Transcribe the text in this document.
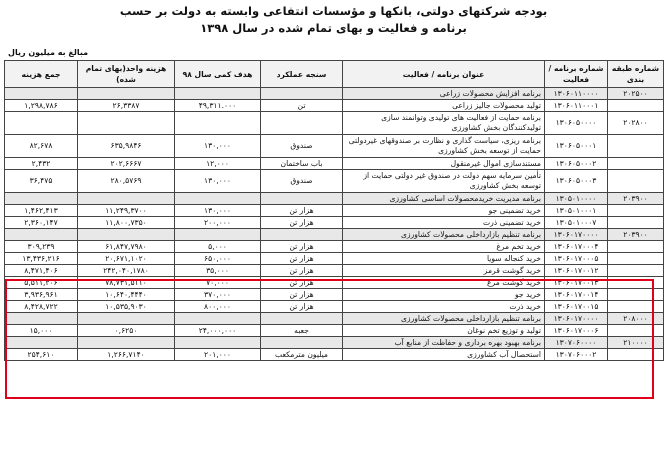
بودجه شرکتهای دولتی، بانکها و مؤسسات انتفاعی وابسته به دولت بر حسب
برنامه و فعالیت و بهای تمام شده در سال ۱۳۹۸
مبالغ به میلیون ریال
شماره طبقه بندی	شماره برنامه / فعالیت	عنوان برنامه / فعالیت	سنجه عملکرد	هدف کمی سال ۹۸	هزینه واحد(بهای تمام شده)	جمع هزینه
۲۰۲۵۰۰	۱۳۰۶۰۱۱۰۰۰۰	برنامه افزایش محصولات زراعی				
	۱۳۰۶۰۱۱۰۰۰۱	تولید محصولات جالیز زراعی	تن	۴۹,۳۱۱.۰۰۰	۲۶,۳۳۸۷	۱,۲۹۸,۷۸۶
۲۰۲۸۰۰	۱۳۰۶۰۵۰۰۰۰	برنامه حمایت از فعالیت های تولیدی وتوانمند سازی تولیدکنندگان بخش کشاورزی				
	۱۳۰۶۰۵۰۰۰۱	برنامه ریزی، سیاست گذاری و نظارت بر صندوقهای غیردولتی حمایت از توسعه بخش کشاورزی	صندوق	۱۳۰,۰۰۰	۶۳۵,۹۸۴۶	۸۲,۶۷۸
	۱۳۰۶۰۵۰۰۰۲	مستندسازی اموال غیرمنقول	باب ساختمان	۱۲,۰۰۰	۲۰۲,۶۶۶۷	۲,۴۳۲
	۱۳۰۶۰۵۰۰۰۳	تأمین سرمایه سهم دولت در صندوق غیر دولتی حمایت از توسعه بخش کشاورزی	صندوق	۱۳۰,۰۰۰	۲۸۰,۵۷۶۹	۳۶,۴۷۵
۲۰۳۹۰۰	۱۳۰۵۰۱۰۰۰۰	برنامه مدیریت خریدمحصولات اساسی کشاورزی				
	۱۳۰۵۰۱۰۰۰۱	خرید تضمینی جو	هزار تن	۱۳۰,۰۰۰	۱۱,۲۴۹,۳۷۰۰	۱,۴۶۲,۴۱۳
	۱۳۰۵۰۱۰۰۰۷	خرید تضمینی ذرت	هزار تن	۲۰۰,۰۰۰	۱۱,۸۰۰,۷۳۵۰	۲,۳۶۰,۱۴۷
۲۰۳۹۰۰	۱۳۰۶۰۱۷۰۰۰۰	برنامه تنظیم بازارداخلی محصولات کشاورزی				
	۱۳۰۶۰۱۷۰۰۰۴	خرید تخم مرغ	هزار تن	۵,۰۰۰	۶۱,۸۴۷,۷۹۸۰	۳۰۹,۲۳۹
	۱۳۰۶۰۱۷۰۰۰۵	خرید کنجاله سویا	هزار تن	۶۵۰,۰۰۰	۲۰,۶۷۱,۱۰۲۰	۱۳,۴۳۶,۲۱۶
	۱۳۰۶۰۱۷۰۰۱۲	خرید گوشت قرمز	هزار تن	۳۵,۰۰۰	۲۴۲,۰۴۰,۱۷۸۰	۸,۴۷۱,۴۰۶
	۱۳۰۶۰۱۷۰۰۱۳	خرید گوشت مرغ	هزار تن	۷۰,۰۰۰	۷۸,۷۳۱,۵۱۱۰	۵,۵۱۱,۲۰۶
	۱۳۰۶۰۱۷۰۰۱۴	خرید جو	هزار تن	۳۷۰,۰۰۰	۱۰,۶۴۰,۴۴۴۰	۳,۹۳۶,۹۶۱
	۱۳۰۶۰۱۷۰۰۱۵	خرید ذرت	هزار تن	۸۰۰,۰۰۰	۱۰,۵۳۵,۹۰۳۰	۸,۴۲۸,۷۲۲
۲۰۸۰۰۰	۱۳۰۶۰۱۷۰۰۰۰	برنامه تنظیم بازارداخلی محصولات کشاورزی				
	۱۳۰۶۰۱۷۰۰۰۶	تولید و توزیع تخم نوغان	جعبه	۲۴,۰۰۰,۰۰۰	۰,۶۲۵۰	۱۵,۰۰۰
۲۱۰۰۰۰	۱۳۰۷۰۶۰۰۰۰	برنامه بهبود بهره برداری و حفاظت از منابع آب				
	۱۳۰۷۰۶۰۰۰۲	استحصال آب کشاورزی	میلیون مترمکعب	۲۰۱,۰۰۰	۱,۲۶۶,۷۱۴۰	۲۵۴,۶۱۰
